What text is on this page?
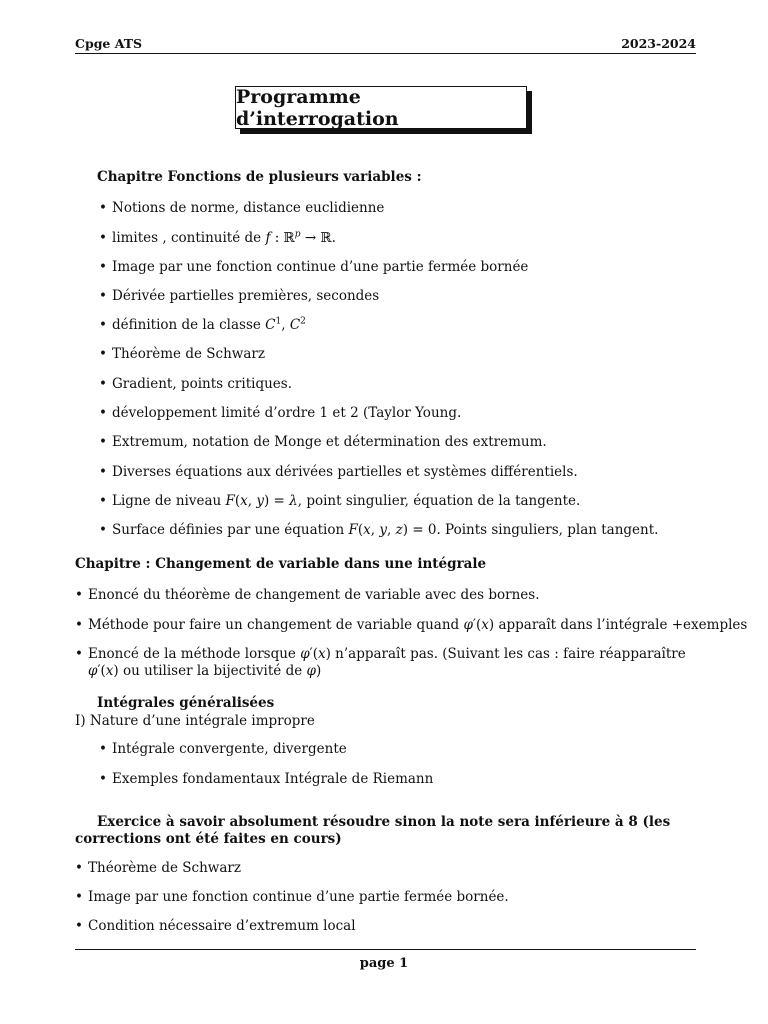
Cpge ATS	2023-2024
Programme d’interrogation
Chapitre Fonctions de plusieurs variables :
• Notions de norme, distance euclidienne
• limites , continuité de f : ℝ$^p$ → ℝ.
• Image par une fonction continue d’une partie fermée bornée
• Dérivée partielles premières, secondes
• définition de la classe $C^1$, $C^2$
• Théorème de Schwarz
• Gradient, points critiques.
• développement limité d’ordre 1 et 2 (Taylor Young.
• Extremum, notation de Monge et détermination des extremum.
• Diverses équations aux dérivées partielles et systèmes différentiels.
• Ligne de niveau F(x, y) = λ, point singulier, équation de la tangente.
• Surface définies par une équation F(x, y, z) = 0. Points singuliers, plan tangent.
Chapitre : Changement de variable dans une intégrale
• Enoncé du théorème de changement de variable avec des bornes.
• Méthode pour faire un changement de variable quand φ′(x) apparaît dans l’intégrale +exemples
• Enoncé de la méthode lorsque φ′(x) n’apparaît pas. (Suivant les cas : faire réapparaître φ′(x) ou utiliser la bijectivité de φ)
Intégrales généralisées
I) Nature d’une intégrale impropre
• Intégrale convergente, divergente
• Exemples fondamentaux Intégrale de Riemann
Exercice à savoir absolument résoudre sinon la note sera inférieure à 8 (les corrections ont été faites en cours)
• Théorème de Schwarz
• Image par une fonction continue d’une partie fermée bornée.
• Condition nécessaire d’extremum local
page 1
